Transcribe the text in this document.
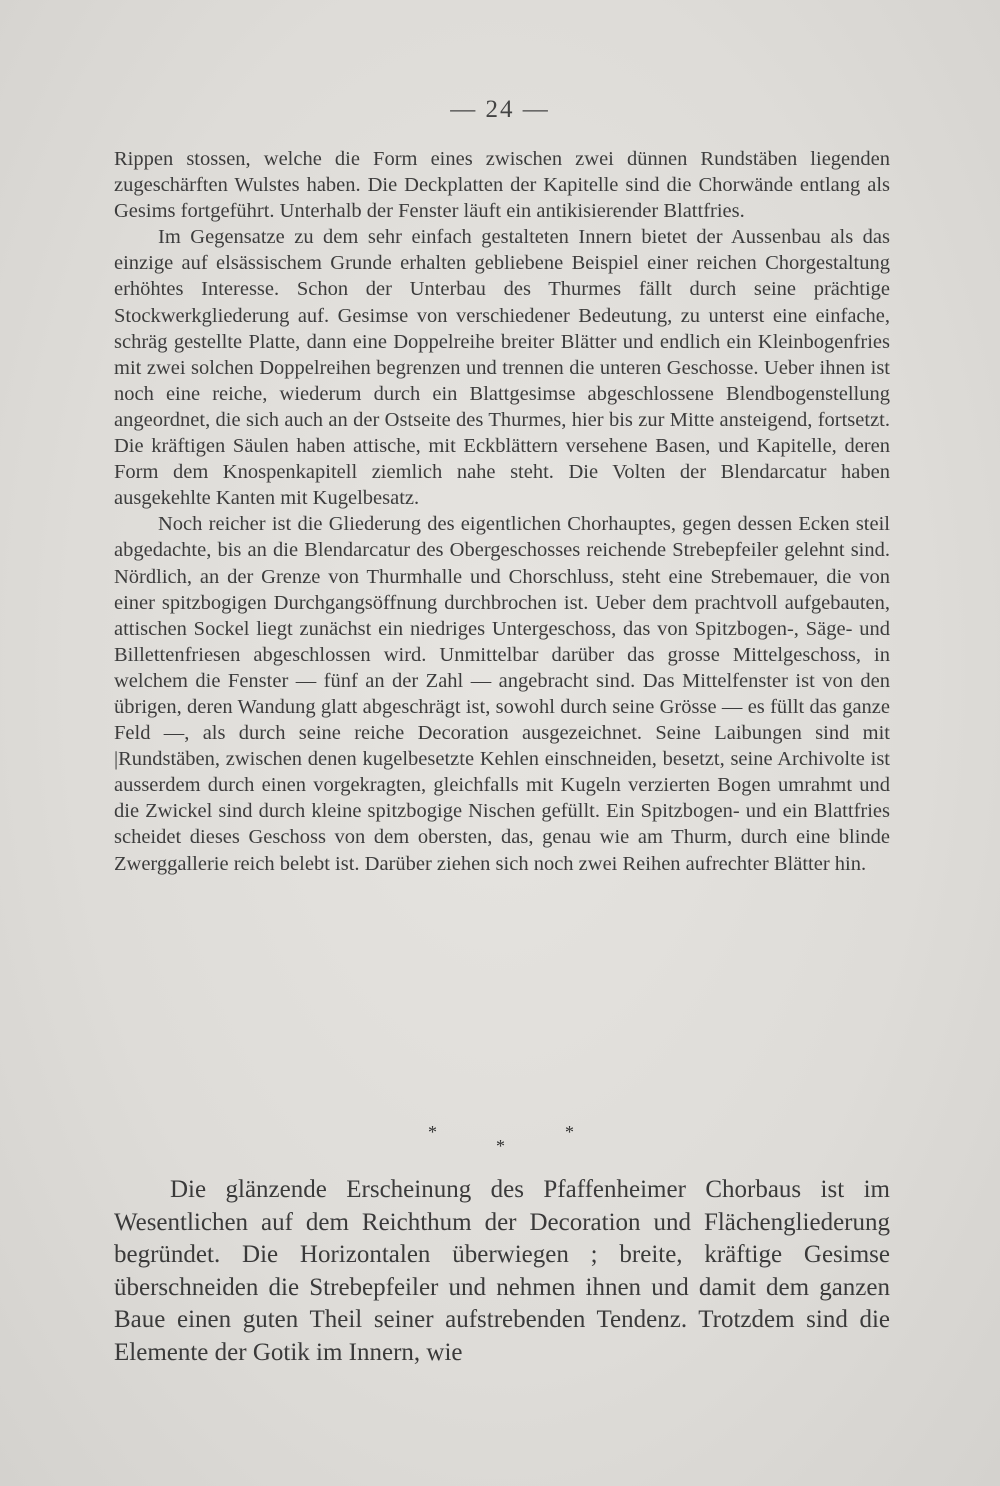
— 24 —

Rippen stossen, welche die Form eines zwischen zwei dünnen Rundstäben liegenden zugeschärften Wulstes haben. Die Deckplatten der Kapitelle sind die Chorwände entlang als Gesims fortgeführt. Unterhalb der Fenster läuft ein antikisierender Blattfries.

Im Gegensatze zu dem sehr einfach gestalteten Innern bietet der Aussenbau als das einzige auf elsässischem Grunde erhalten gebliebene Beispiel einer reichen Chorgestaltung erhöhtes Interesse. Schon der Unterbau des Thurmes fällt durch seine prächtige Stockwerkgliederung auf. Gesimse von verschiedener Bedeutung, zu unterst eine einfache, schräg gestellte Platte, dann eine Doppelreihe breiter Blätter und endlich ein Kleinbogenfries mit zwei solchen Doppelreihen begrenzen und trennen die unteren Geschosse. Ueber ihnen ist noch eine reiche, wiederum durch ein Blattgesimse abgeschlossene Blendbogenstellung angeordnet, die sich auch an der Ostseite des Thurmes, hier bis zur Mitte ansteigend, fortsetzt. Die kräftigen Säulen haben attische, mit Eckblättern versehene Basen, und Kapitelle, deren Form dem Knospenkapitell ziemlich nahe steht. Die Volten der Blendarcatur haben ausgekehlte Kanten mit Kugelbesatz.

Noch reicher ist die Gliederung des eigentlichen Chorhauptes, gegen dessen Ecken steil abgedachte, bis an die Blendarcatur des Obergeschosses reichende Strebepfeiler gelehnt sind. Nördlich, an der Grenze von Thurmhalle und Chorschluss, steht eine Strebemauer, die von einer spitzbogigen Durchgangsöffnung durchbrochen ist. Ueber dem prachtvoll aufgebauten, attischen Sockel liegt zunächst ein niedriges Untergeschoss, das von Spitzbogen-, Säge- und Billettenfriesen abgeschlossen wird. Unmittelbar darüber das grosse Mittelgeschoss, in welchem die Fenster — fünf an der Zahl — angebracht sind. Das Mittelfenster ist von den übrigen, deren Wandung glatt abgeschrägt ist, sowohl durch seine Grösse — es füllt das ganze Feld —, als durch seine reiche Decoration ausgezeichnet. Seine Laibungen sind mit |Rundstäben, zwischen denen kugelbesetzte Kehlen einschneiden, besetzt, seine Archivolte ist ausserdem durch einen vorgekragten, gleichfalls mit Kugeln verzierten Bogen umrahmt und die Zwickel sind durch kleine spitzbogige Nischen gefüllt. Ein Spitzbogen- und ein Blattfries scheidet dieses Geschoss von dem obersten, das, genau wie am Thurm, durch eine blinde Zwerggallerie reich belebt ist. Darüber ziehen sich noch zwei Reihen aufrechter Blätter hin.

*	*
*

Die glänzende Erscheinung des Pfaffenheimer Chorbaus ist im Wesentlichen auf dem Reichthum der Decoration und Flächengliederung begründet. Die Horizontalen überwiegen ; breite, kräftige Gesimse überschneiden die Strebepfeiler und nehmen ihnen und damit dem ganzen Baue einen guten Theil seiner aufstrebenden Tendenz. Trotzdem sind die Elemente der Gotik im Innern, wie
